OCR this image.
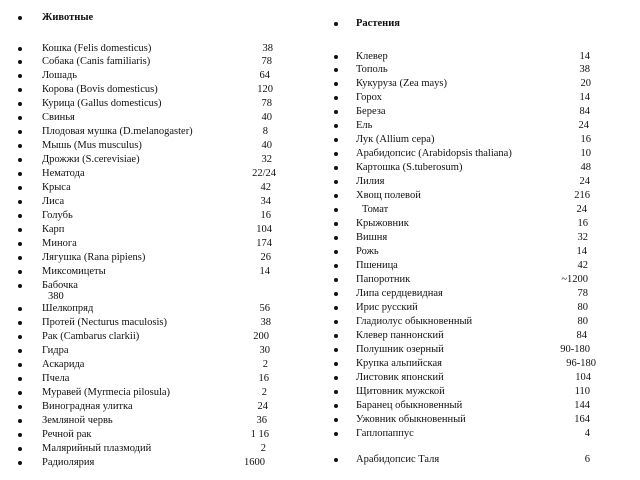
Животные
Кошка (Felis domesticus)	38
Собака (Canis familiaris)	78
Лошадь	64
Корова (Bovis domesticus)	120
Курица (Gallus domesticus)	78
Свинья	40
Плодовая мушка (D.melanogaster)	8
Мышь (Mus musculus)	40
Дрожжи (S.cerevisiae)	32
Нематода	22/24
Крыса	42
Лиса	34
Голубь	16
Карп	104
Минога	174
Лягушка (Rana pipiens)	26
Миксомицеты	14
Бабочка
380
Шелкопряд	56
Протей (Necturus maculosis)	38
Рак (Cambarus clarkii)	200
Гидра	30
Аскарида	2
Пчела	16
Муравей (Myrmecia pilosula)	2
Виноградная улитка	24
Земляной червь	36
Речной рак	1 16
Малярийный плазмодий	2
Радиолярия	1600
Растения
Клевер	14
Тополь	38
Кукуруза (Zea mays)	20
Горох	14
Береза	84
Ель	24
Лук (Allium cepa)	16
Арабидопсис (Arabidopsis thaliana)	10
Картошка (S.tuberosum)	48
Лилия	24
Хвощ полевой	216
Томат	24
Крыжовник	16
Вишня	32
Рожь	14
Пшеница	42
Папоротник	~1200
Липа сердцевидная	78
Ирис русский	80
Гладиолус обыкновенный	80
Клевер паннонский	84
Полушник озерный	90-180
Крупка альпийская	96-180
Листовик японский	104
Щитовник мужской	110
Баранец обыкновенный	144
Ужовник обыкновенный	164
Гаплопаппус	4
Арабидопсис Таля	6
